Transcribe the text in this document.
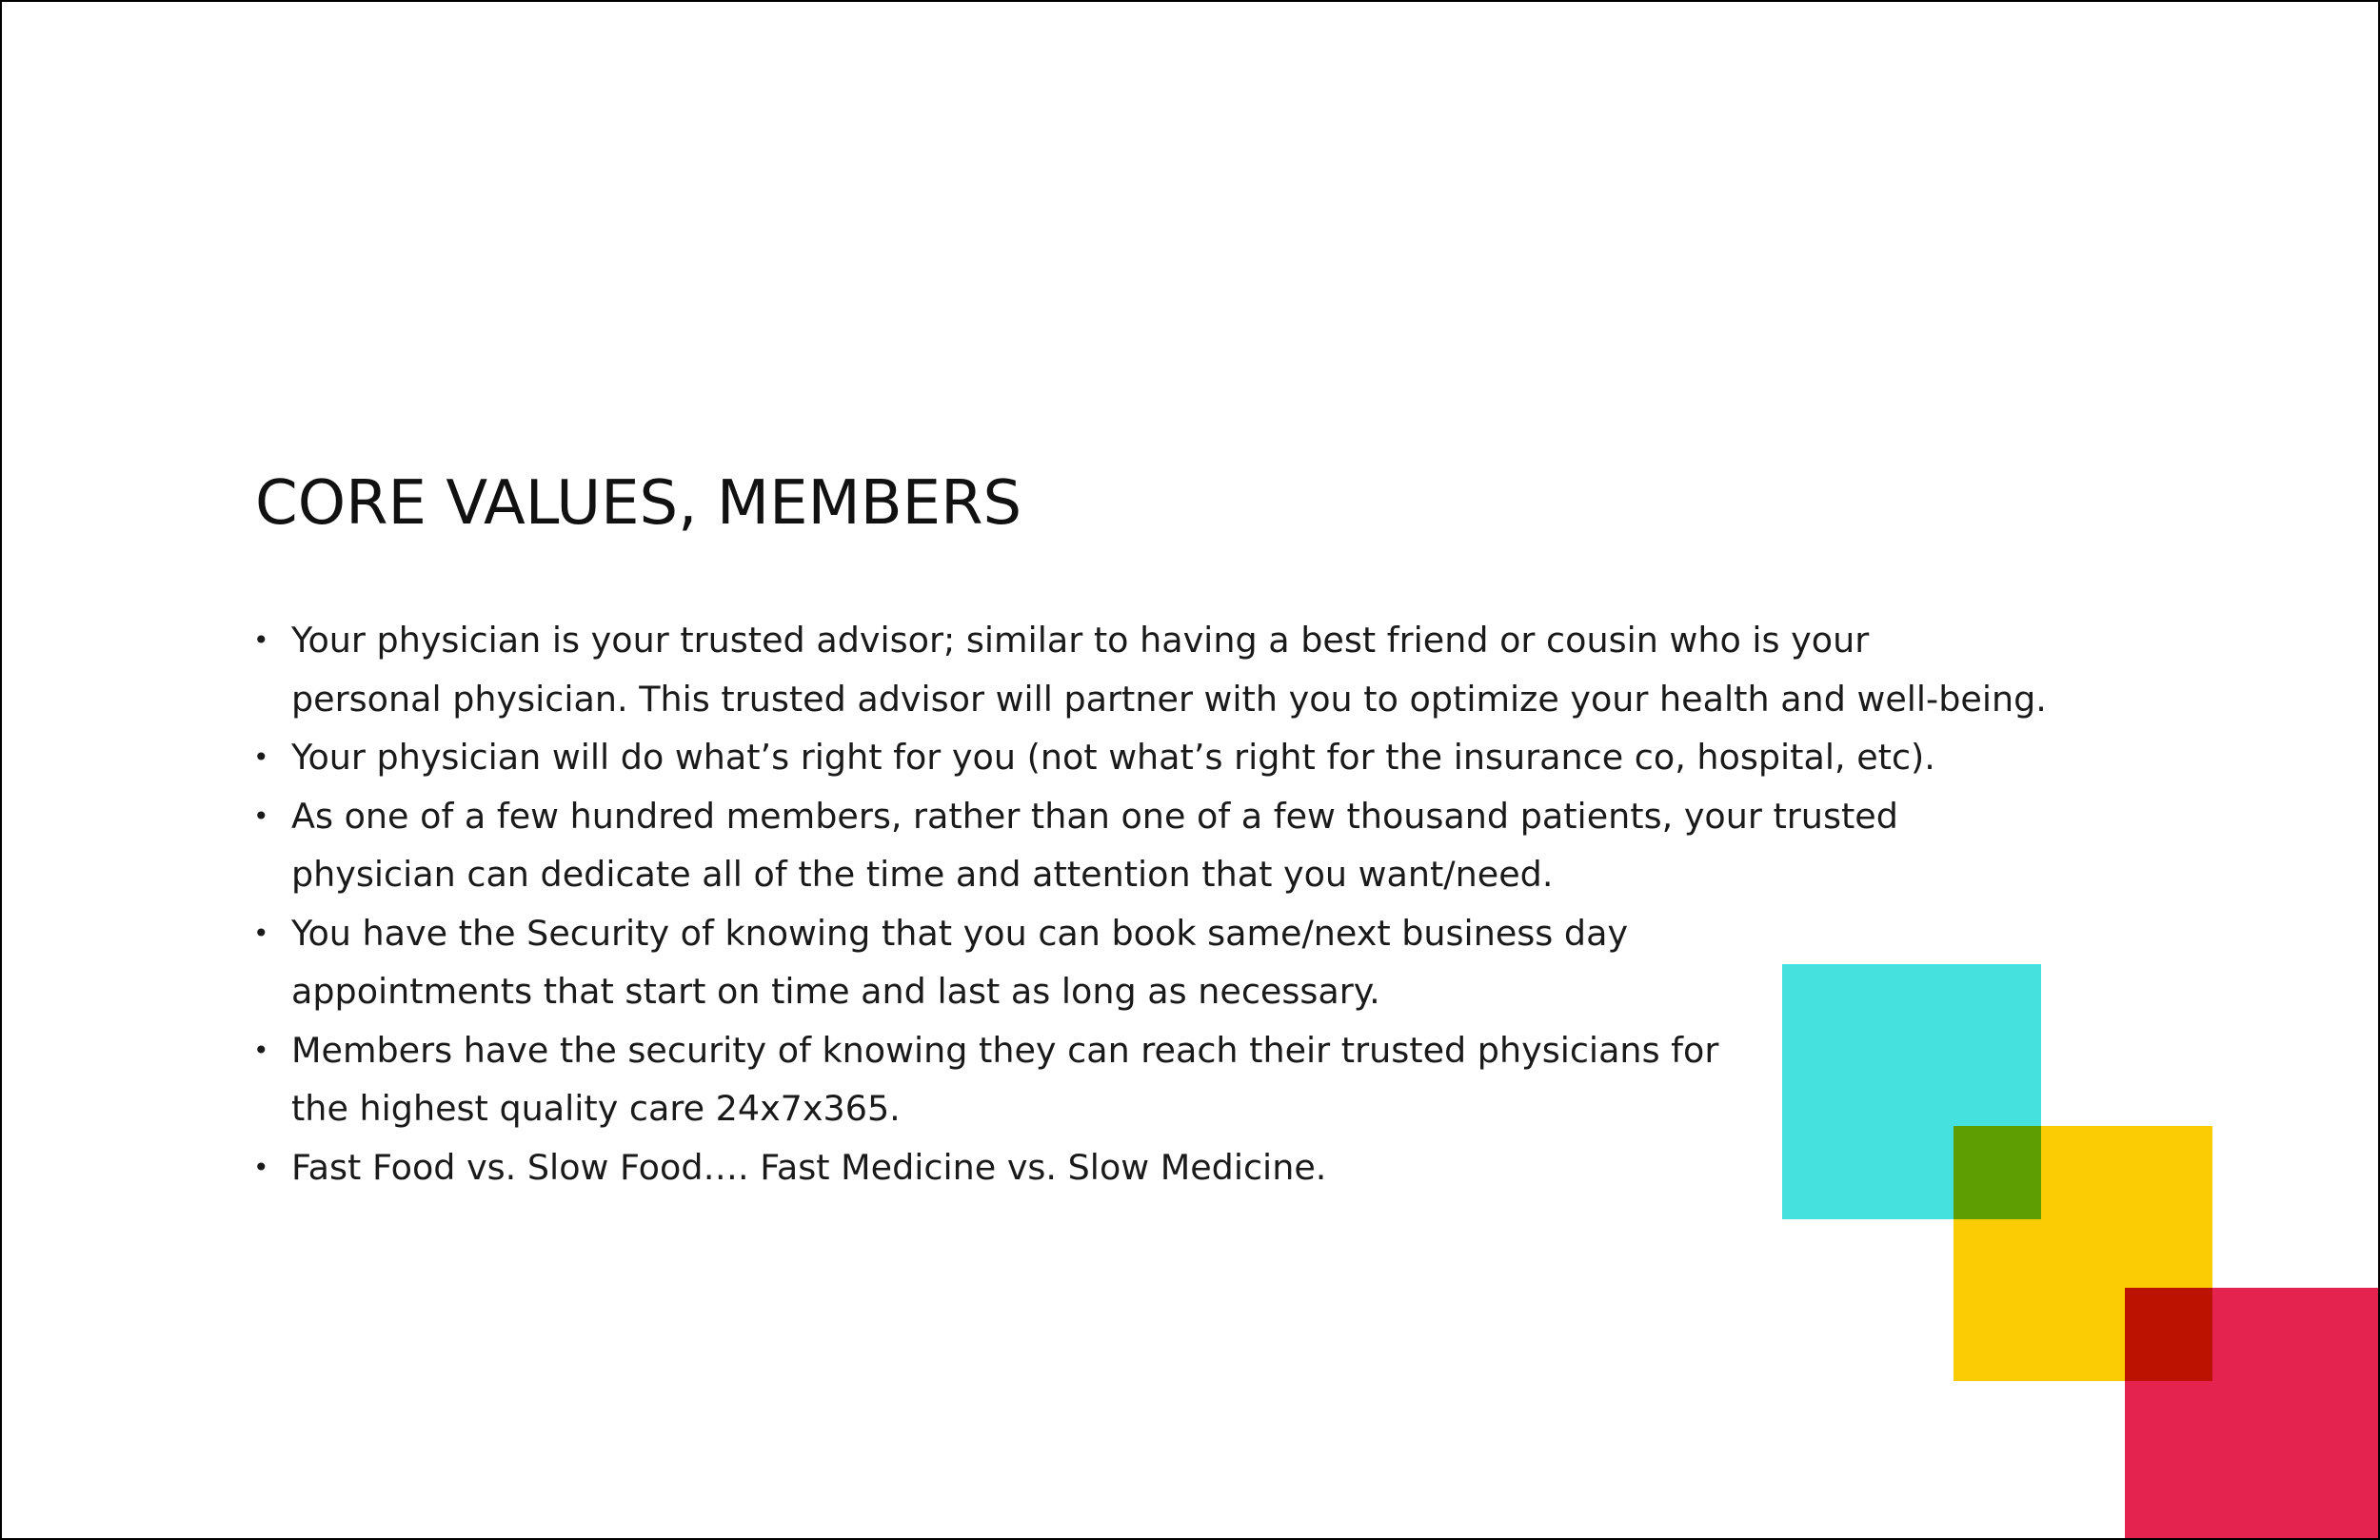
CORE VALUES, MEMBERS
• Your physician is your trusted advisor; similar to having a best friend or cousin who is your
personal physician. This trusted advisor will partner with you to optimize your health and well-being.
• Your physician will do what’s right for you (not what’s right for the insurance co, hospital, etc).
• As one of a few hundred members, rather than one of a few thousand patients, your trusted
physician can dedicate all of the time and attention that you want/need.
• You have the Security of knowing that you can book same/next business day
appointments that start on time and last as long as necessary.
• Members have the security of knowing they can reach their trusted physicians for
the highest quality care 24x7x365.
• Fast Food vs. Slow Food…. Fast Medicine vs. Slow Medicine.
